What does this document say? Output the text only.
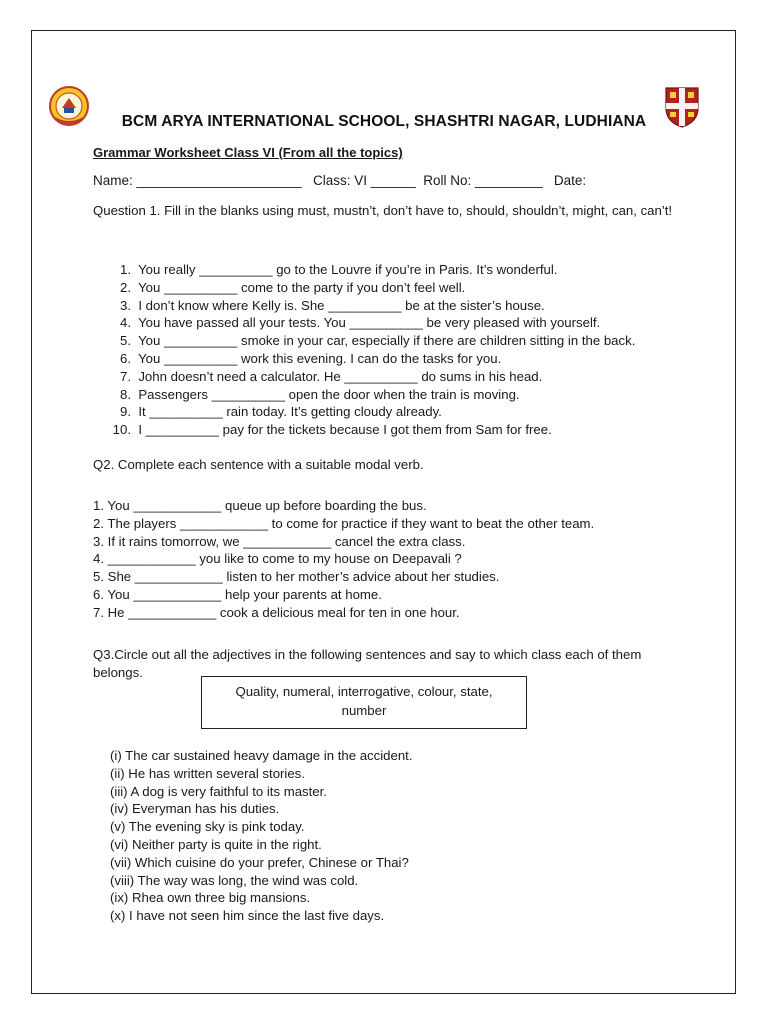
BCM ARYA INTERNATIONAL SCHOOL, SHASHTRI NAGAR, LUDHIANA
Grammar Worksheet Class VI (From all the topics)
Name: ______________________   Class: VI ______  Roll No: _________   Date:
Question 1. Fill in the blanks using must, mustn’t, don’t have to, should, shouldn’t, might, can, can’t!
1. You really __________ go to the Louvre if you’re in Paris. It’s wonderful.
2. You __________ come to the party if you don’t feel well.
3. I don’t know where Kelly is. She __________ be at the sister’s house.
4. You have passed all your tests. You __________ be very pleased with yourself.
5. You __________ smoke in your car, especially if there are children sitting in the back.
6. You __________ work this evening. I can do the tasks for you.
7. John doesn’t need a calculator. He __________ do sums in his head.
8. Passengers __________ open the door when the train is moving.
9. It __________ rain today. It’s getting cloudy already.
10. I __________ pay for the tickets because I got them from Sam for free.
Q2. Complete each sentence with a suitable modal verb.
1. You ____________ queue up before boarding the bus.
2. The players ____________ to come for practice if they want to beat the other team.
3. If it rains tomorrow, we ____________ cancel the extra class.
4. ____________ you like to come to my house on Deepavali ?
5. She ____________ listen to her mother’s advice about her studies.
6. You ____________ help your parents at home.
7. He ____________ cook a delicious meal for ten in one hour.
Q3.Circle out all the adjectives in the following sentences and say to which class each of them belongs.
Quality, numeral, interrogative, colour, state,
number
(i) The car sustained heavy damage in the accident.
(ii) He has written several stories.
(iii) A dog is very faithful to its master.
(iv) Everyman has his duties.
(v) The evening sky is pink today.
(vi) Neither party is quite in the right.
(vii) Which cuisine do your prefer, Chinese or Thai?
(viii) The way was long, the wind was cold.
(ix) Rhea own three big mansions.
(x) I have not seen him since the last five days.
